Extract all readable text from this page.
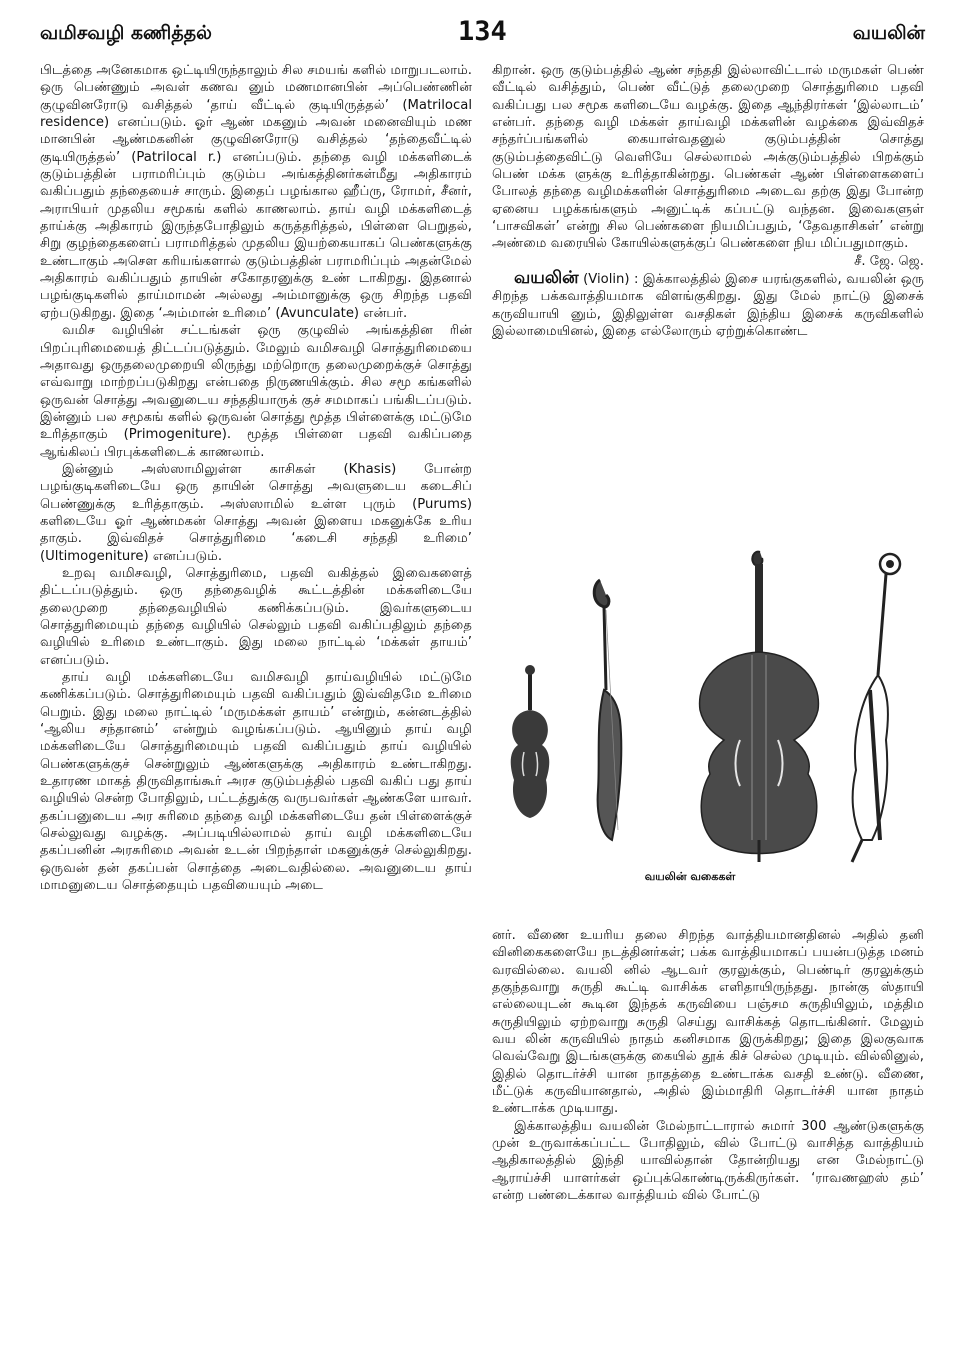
வமிசவழி கணித்தல்	134	வயலின்

பிடத்தை அனேகமாக ஒட்டியிருந்தாலும் சில சமயங் களில் மாறுபடலாம். ஒரு பெண்ணும் அவள் கணவ னும் மணமானபின் அப்பெண்ணின் குழுவினரோடு வசித்தல் ‘தாய் வீட்டில் குடியிருத்தல்’ (Matrilocal residence) எனப்படும். ஓர் ஆண் மகனும் அவன் மனைவியும் மண மானபின் ஆண்மகனின் குழுவினரோடு வசித்தல் ‘தந்தைவீட்டில் குடியிருத்தல்’ (Patrilocal r.) எனப்படும். தந்தை வழி மக்களிடைக் குடும்பத்தின் பராமரிப்பும் குடும்ப அங்கத்தினர்கள்மீது அதிகாரம் வகிப்பதும் தந்தையைச் சாரும். இதைப் பழங்கால ஹீப்ரு, ரோமர், சீனர், அராபியர் முதலிய சமூகங் களில் காணலாம். தாய் வழி மக்களிடைத் தாய்க்கு அதிகாரம் இருந்தபோதிலும் கருத்தரித்தல், பிள்ளை பெறுதல், சிறு குழந்தைகளைப் பராமரித்தல் முதலிய இயற்கையாகப் பெண்களுக்கு உண்டாகும் அசௌ கரியங்களால் குடும்பத்தின் பராமரிப்பும் அதன்மேல் அதிகாரம் வகிப்பதும் தாயின் சகோதரனுக்கு உண் டாகிறது. இதனால் பழங்குடிகளில் தாய்மாமன் அல்லது அம்மானுக்கு ஒரு சிறந்த பதவி ஏற்படுகிறது. இதை ‘அம்மான் உரிமை’ (Avunculate) என்பர்.

வமிச வழியின் சட்டங்கள் ஒரு குழுவில் அங்கத்தின ரின் பிறப்புரிமையைத் திட்டப்படுத்தும். மேலும் வமிசவழி சொத்துரிமையை அதாவது ஒருதலைமுறையி லிருந்து மற்றொரு தலைமுறைக்குச் சொத்து எவ்வாறு மாற்றப்படுகிறது என்பதை நிருணயிக்கும். சில சமூ கங்களில் ஒருவன் சொத்து அவனுடைய சந்ததியாருக் குச் சமமாகப் பங்கிடப்படும். இன்னும் பல சமூகங் களில் ஒருவன் சொத்து மூத்த பிள்ளைக்கு மட்டுமே உரித்தாகும் (Primogeniture). மூத்த பிள்ளை பதவி வகிப்பதை ஆங்கிலப் பிரபுக்களிடைக் காணலாம்.

இன்னும் அஸ்ஸாமிலுள்ள காசிகள் (Khasis) போன்ற பழங்குடிகளிடையே ஒரு தாயின் சொத்து அவளுடைய கடைசிப் பெண்ணுக்கு உரித்தாகும். அஸ்ஸாமில் உள்ள புரும் (Purums) களிடையே ஓர் ஆண்மகன் சொத்து அவன் இளைய மகனுக்கே உரிய தாகும். இவ்விதச் சொத்துரிமை ‘கடைசி சந்ததி உரிமை’ (Ultimogeniture) எனப்படும்.

உறவு வமிசவழி, சொத்துரிமை, பதவி வகித்தல் இவைகளைத் திட்டப்படுத்தும். ஒரு தந்தைவழிக் கூட்டத்தின் மக்களிடையே தலைமுறை தந்தைவழியில் கணிக்கப்படும். இவர்களுடைய சொத்துரிமையும் தந்தை வழியில் செல்லும் பதவி வகிப்பதிலும் தந்தை வழியில் உரிமை உண்டாகும். இது மலை நாட்டில் ‘மக்கள் தாயம்’ எனப்படும்.

தாய் வழி மக்களிடையே வமிசவழி தாய்வழியில் மட்டுமே கணிக்கப்படும். சொத்துரிமையும் பதவி வகிப்பதும் இவ்விதமே உரிமை பெறும். இது மலை நாட்டில் ‘மருமக்கள் தாயம்’ என்றும், கன்னடத்தில் ‘ஆலிய சந்தானம்’ என்றும் வழங்கப்படும். ஆயினும் தாய் வழி மக்களிடையே சொத்துரிமையும் பதவி வகிப்பதும் தாய் வழியில் பெண்களுக்குச் சென்றுலும் ஆண்களுக்கு அதிகாரம் உண்டாகிறது. உதாரண மாகத் திருவிதாங்கூர் அரச குடும்பத்தில் பதவி வகிப் பது தாய் வழியில் சென்ற போதிலும், பட்டத்துக்கு வருபவர்கள் ஆண்களே யாவர். தகப்பனுடைய அர சுரிமை தந்தை வழி மக்களிடையே தன் பிள்ளைக்குச் செல்லுவது வழக்கு. அப்படியில்லாமல் தாய் வழி மக்களிடையே தகப்பனின் அரசுரிமை அவன் உடன் பிறந்தாள் மகனுக்குச் செல்லுகிறது. ஒருவன் தன் தகப்பன் சொத்தை அடைவதில்லை. அவனுடைய தாய் மாமனுடைய சொத்தையும் பதவியையும் அடை

கிறான். ஒரு குடும்பத்தில் ஆண் சந்ததி இல்லாவிட்டால் மருமகள் பெண் வீட்டில் வசித்தும், பெண் வீட்டுத் தலைமுறை சொத்துரிமை பதவி வகிப்பது பல சமூக களிடையே வழக்கு. இதை ஆந்திரர்கள் ‘இல்லாடம்’ என்பர். தந்தை வழி மக்கள் தாய்வழி மக்களின் வழக்கை இவ்விதச் சந்தர்ப்பங்களில் கையாள்வதனுல் குடும்பத்தின் சொத்து குடும்பத்தைவிட்டு வெளியே செல்லாமல் அக்குடும்பத்தில் பிறக்கும் பெண் மக்க ளுக்கு உரித்தாகின்றது. பெண்கள் ஆண் பிள்ளைகளைப் போலத் தந்தை வழிமக்களின் சொத்துரிமை அடைவ தற்கு இது போன்ற ஏனைய பழக்கங்களும் அனுட்டிக் கப்பட்டு வந்தன. இவைகளுள் ‘பாசவிகள்’ என்று சில பெண்களை நியமிப்பதும், ‘தேவதாசிகள்’ என்று அண்மை வரையில் கோயில்களுக்குப் பெண்களை நிய மிப்பதுமாகும்.

சீ. ஜே. ஜெ.

வயலின் (Violin) : இக்காலத்தில் இசை யரங்குகளில், வயலின் ஒரு சிறந்த பக்கவாத்தியமாக விளங்குகிறது. இது மேல் நாட்டு இசைக் கருவியாயி னும், இதிலுள்ள வசதிகள் இந்திய இசைக் கருவிகளில் இல்லாமையினல், இதை எல்லோரும் ஏற்றுக்கொண்ட

வயலின் வகைகள்

னர். வீணை உயரிய தலை சிறந்த வாத்தியமானதினல் அதில் தனி வினிகைகளையே நடத்தினர்கள்; பக்க வாத்தியமாகப் பயன்படுத்த மனம் வரவில்லை. வயலி னில் ஆடவர் குரலுக்கும், பெண்டிர் குரலுக்கும் தகுந்தவாறு சுருதி கூட்டி வாசிக்க எளிதாயிருந்தது. நான்கு ஸ்தாயி எல்லையுடன் கூடின இந்தக் கருவியை பஞ்சம சுருதியிலும், மத்திம சுருதியிலும் ஏற்றவாறு சுருதி செய்து வாசிக்கத் தொடங்கினர். மேலும் வய லின் கருவியில் நாதம் கனிசமாக இருக்கிறது; இதை இலகுவாக வெவ்வேறு இடங்களுக்கு கையில் தூக் கிச் செல்ல முடியும். வில்லினுல், இதில் தொடர்ச்சி யான நாதத்தை உண்டாக்க வசதி உண்டு. வீணை, மீட்டுக் கருவியானதால், அதில் இம்மாதிரி தொடர்ச்சி யான நாதம் உண்டாக்க முடியாது.

இக்காலத்திய வயலின் மேல்நாட்டாரால் சுமார் 300 ஆண்டுகளுக்கு முன் உருவாக்கப்பட்ட போதிலும், வில் போட்டு வாசித்த வாத்தியம் ஆதிகாலத்தில் இந்தி யாவில்தான் தோன்றியது என மேல்நாட்டு ஆராய்ச்சி யாளர்கள் ஒப்புக்கொண்டிருக்கிருர்கள். ‘ராவணஹஸ் தம்’ என்ற பண்டைக்கால வாத்தியம் வில் போட்டு
